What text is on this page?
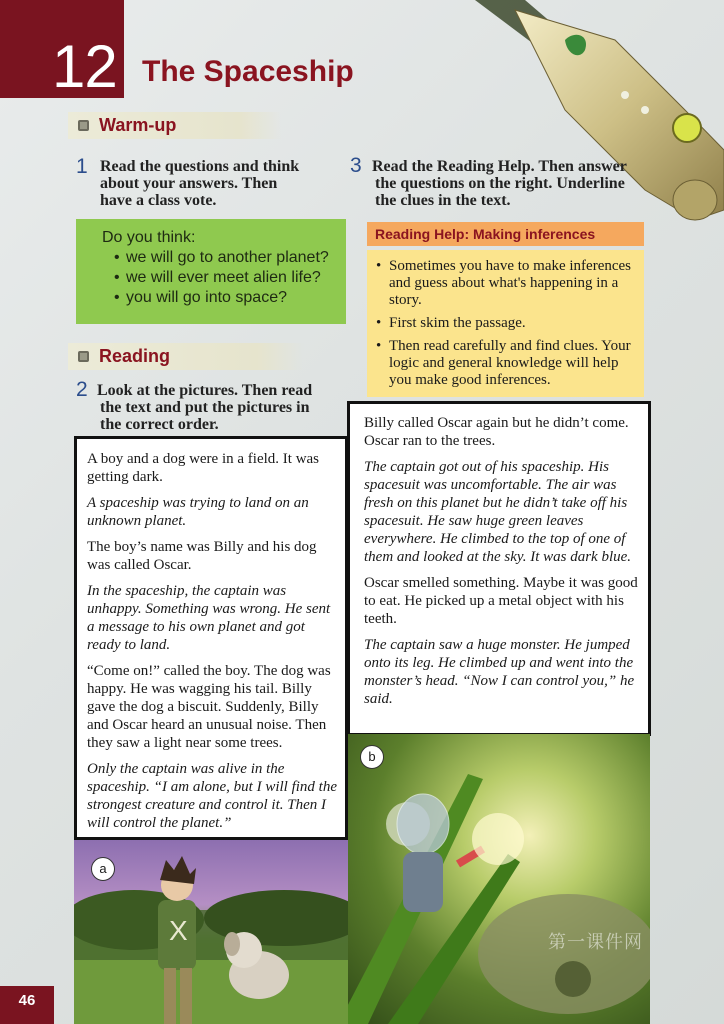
12 The Spaceship
Warm-up
1 Read the questions and think
about your answers. Then
have a class vote.
Do you think:
• we will go to another planet?
• we will ever meet alien life?
• you will go into space?
Reading
2 Look at the pictures. Then read
the text and put the pictures in
the correct order.
3 Read the Reading Help. Then answer
the questions on the right. Underline
the clues in the text.
Reading Help: Making inferences
• Sometimes you have to make inferences and guess about what's happening in a story.
• First skim the passage.
• Then read carefully and find clues. Your logic and general knowledge will help you make good inferences.

A boy and a dog were in a field. It was getting dark.

A spaceship was trying to land on an unknown planet.

The boy’s name was Billy and his dog was called Oscar.

In the spaceship, the captain was unhappy. Something was wrong. He sent a message to his own planet and got ready to land.

“Come on!” called the boy. The dog was happy. He was wagging his tail. Billy gave the dog a biscuit. Suddenly, Billy and Oscar heard an unusual noise. Then they saw a light near some trees.

Only the captain was alive in the spaceship. “I am alone, but I will find the strongest creature and control it. Then I will control the planet.”

Billy called Oscar again but he didn’t come. Oscar ran to the trees.

The captain got out of his spaceship. His spacesuit was uncomfortable. The air was fresh on this planet but he didn’t take off his spacesuit. He saw huge green leaves everywhere. He climbed to the top of one of them and looked at the sky. It was dark blue.

Oscar smelled something. Maybe it was good to eat. He picked up a metal object with his teeth.

The captain saw a huge monster. He jumped onto its leg. He climbed up and went into the monster’s head. “Now I can control you,” he said.

X
a
b
第一课件网
46
